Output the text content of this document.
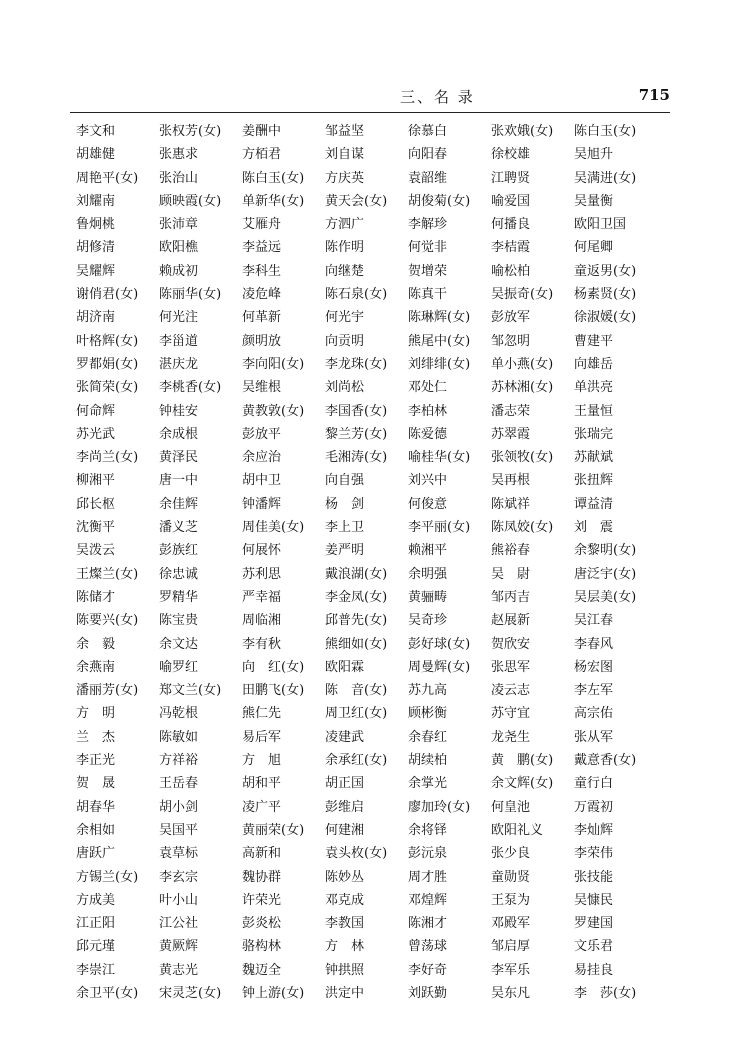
三、名 录	715
李文和	张权芳(女)	姜酬中	邹益坚	徐慕白	张欢娥(女)	陈白玉(女)
胡雄健	张惠求	方栢君	刘自谋	向阳春	徐校雄	吴旭升
周艳平(女)	张治山	陈白玉(女)	方庆英	袁韶维	江聘贤	吴满进(女)
刘耀南	顾映霞(女)	单新华(女)	黄天会(女)	胡俊菊(女)	喻爱国	吴量衡
鲁炯桃	张沛章	艾雁舟	方泗广	李解珍	何播良	欧阳卫国
胡修清	欧阳樵	李益远	陈作明	何觉非	李桔霞	何尾卿
吴耀辉	赖成初	李科生	向继楚	贺增荣	喻松柏	童返男(女)
谢俏君(女)	陈丽华(女)	凌危峰	陈石泉(女)	陈真干	吴振奇(女)	杨素贤(女)
胡济南	何光注	何革新	何光宇	陈琳辉(女)	彭放军	徐淑媛(女)
叶格辉(女)	李甾道	颜明放	向贡明	熊尾中(女)	邹忽明	曹建平
罗都娟(女)	湛庆龙	李向阳(女)	李龙珠(女)	刘绯绯(女)	单小燕(女)	向雄岳
张简荣(女)	李桃香(女)	吴维根	刘尚松	邓处仁	苏林湘(女)	单洪亮
何命辉	钟桂安	黄教敦(女)	李国香(女)	李柏林	潘志荣	王量恒
苏光武	余成根	彭放平	黎兰芳(女)	陈爱德	苏翠霞	张瑞完
李尚兰(女)	黄泽民	余应治	毛湘涛(女)	喻桂华(女)	张领牧(女)	苏献斌
柳湘平	唐一中	胡中卫	向自强	刘兴中	吴再根	张扭辉
邱长枢	余佳辉	钟潘辉	杨　剑	何俊意	陈斌祥	谭益清
沈衡平	潘义芝	周佳美(女)	李上卫	李平丽(女)	陈凤姣(女)	刘　震
吴泼云	彭族红	何展怀	姜严明	赖湘平	熊裕春	余黎明(女)
王燦兰(女)	徐忠诚	苏利思	戴浪湖(女)	余明强	吴　尉	唐泛宇(女)
陈储才	罗精华	严幸福	李金凤(女)	黄骊畴	邹丙吉	吴层美(女)
陈要兴(女)	陈宝贵	周临湘	邱普先(女)	吴奇珍	赵展新	吴江春
余　毅	余文达	李有秋	熊细如(女)	彭好球(女)	贺欣安	李春风
余燕南	喻罗红	向　红(女)	欧阳霖	周曼辉(女)	张思军	杨宏图
潘丽芳(女)	郑文兰(女)	田鹏飞(女)	陈　音(女)	苏九高	凌云志	李左军
方　明	冯乾根	熊仁先	周卫红(女)	顾彬衡	苏守宜	高宗佑
兰　杰	陈敏如	易后军	凌建武	余春红	龙尧生	张从军
李正光	方祥裕	方　旭	余承红(女)	胡续柏	黄　鹏(女)	戴意香(女)
贺　晟	王岳春	胡和平	胡正国	余掌光	余文辉(女)	童行白
胡春华	胡小剑	凌广平	彭维启	廖加玲(女)	何皇池	万霞初
余相如	吴国平	黄丽荣(女)	何建湘	余将铎	欧阳礼义	李灿辉
唐跃广	袁草标	高新和	袁头枚(女)	彭沅泉	张少良	李荣伟
方锡兰(女)	李玄宗	魏协群	陈妙丛	周才胜	童勋贤	张技能
方成美	叶小山	许荣光	邓克成	邓煌辉	王泵为	吴慷民
江正阳	江公社	彭炎松	李教国	陈湘才	邓殿军	罗建国
邱元瑾	黄厥辉	骆构林	方　林	曾荡球	邹启厚	文乐君
李崇江	黄志光	魏迈全	钟拱照	李好奇	李军乐	易挂良
余卫平(女)	宋灵芝(女)	钟上游(女)	洪定中	刘跃勤	吴东凡	李　莎(女)
